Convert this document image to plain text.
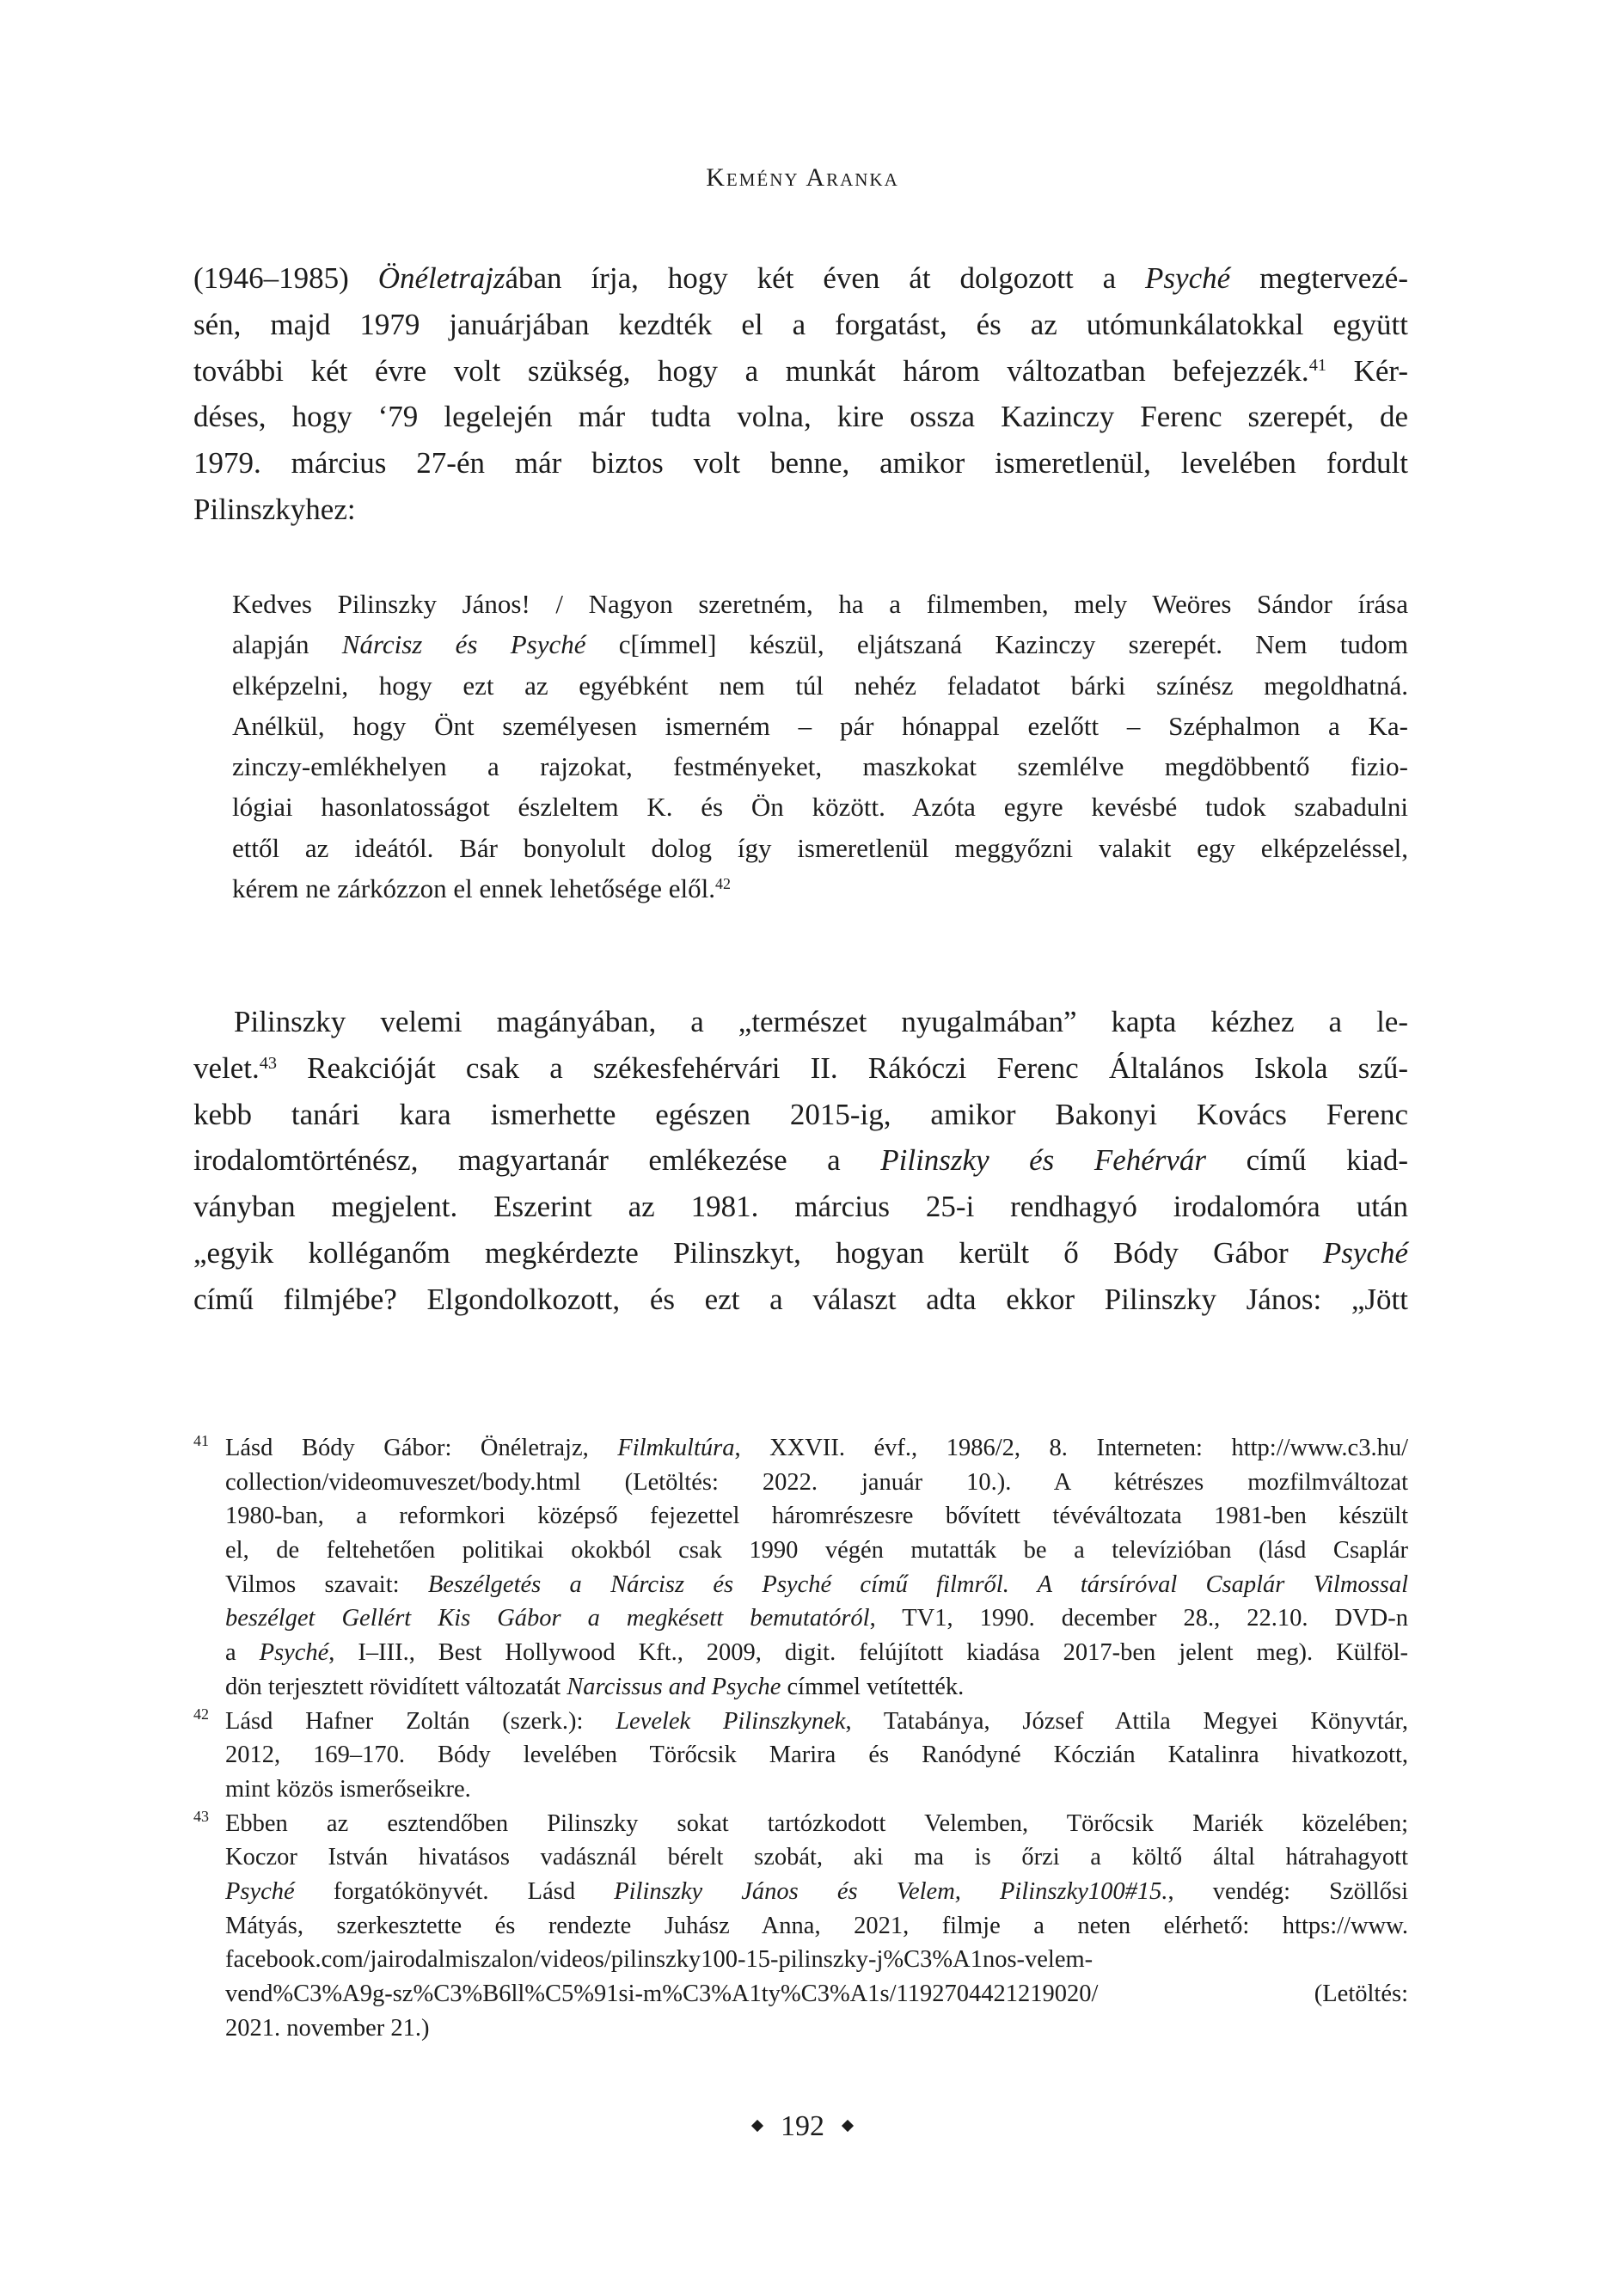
Kemény Aranka
(1946–1985) Önéletrajzában írja, hogy két éven át dolgozott a Psyché megtervezé-
sén, majd 1979 januárjában kezdték el a forgatást, és az utómunkálatokkal együtt
további két évre volt szükség, hogy a munkát három változatban befejezzék.$^{41}$ Kér-
déses, hogy ‘79 legelején már tudta volna, kire ossza Kazinczy Ferenc szerepét, de
1979. március 27-én már biztos volt benne, amikor ismeretlenül, levelében fordult
Pilinszkyhez:
Kedves Pilinszky János! / Nagyon szeretném, ha a filmemben, mely Weöres Sándor írása
alapján Nárcisz és Psyché c[ímmel] készül, eljátszaná Kazinczy szerepét. Nem tudom
elképzelni, hogy ezt az egyébként nem túl nehéz feladatot bárki színész megoldhatná.
Anélkül, hogy Önt személyesen ismerném – pár hónappal ezelőtt – Széphalmon a Ka-
zinczy-emlékhelyen a rajzokat, festményeket, maszkokat szemlélve megdöbbentő fizio-
lógiai hasonlatosságot észleltem K. és Ön között. Azóta egyre kevésbé tudok szabadulni
ettől az ideától. Bár bonyolult dolog így ismeretlenül meggyőzni valakit egy elképzeléssel,
kérem ne zárkózzon el ennek lehetősége elől.$^{42}$
Pilinszky velemi magányában, a „természet nyugalmában” kapta kézhez a le-
velet.$^{43}$ Reakcióját csak a székesfehérvári II. Rákóczi Ferenc Általános Iskola szű-
kebb tanári kara ismerhette egészen 2015-ig, amikor Bakonyi Kovács Ferenc
irodalomtörténész, magyartanár emlékezése a Pilinszky és Fehérvár című kiad-
ványban megjelent. Eszerint az 1981. március 25-i rendhagyó irodalomóra után
„egyik kolléganőm megkérdezte Pilinszkyt, hogyan került ő Bódy Gábor Psyché
című filmjébe? Elgondolkozott, és ezt a választ adta ekkor Pilinszky János: „Jött
41 Lásd Bódy Gábor: Önéletrajz, Filmkultúra, XXVII. évf., 1986/2, 8. Interneten: http://www.c3.hu/
collection/videomuveszet/body.html (Letöltés: 2022. január 10.). A kétrészes mozfilmváltozat
1980-ban, a reformkori középső fejezettel háromrészesre bővített tévéváltozata 1981-ben készült
el, de feltehetően politikai okokból csak 1990 végén mutatták be a televízióban (lásd Csaplár
Vilmos szavait: Beszélgetés a Nárcisz és Psyché című filmről. A társíróval Csaplár Vilmossal
beszélget Gellért Kis Gábor a megkésett bemutatóról, TV1, 1990. december 28., 22.10. DVD-n
a Psyché, I–III., Best Hollywood Kft., 2009, digit. felújított kiadása 2017-ben jelent meg). Külföl-
dön terjesztett rövidített változatát Narcissus and Psyche címmel vetítették.
42 Lásd Hafner Zoltán (szerk.): Levelek Pilinszkynek, Tatabánya, József Attila Megyei Könyvtár,
2012, 169–170. Bódy levelében Törőcsik Marira és Ranódyné Kóczián Katalinra hivatkozott,
mint közös ismerőseikre.
43 Ebben az esztendőben Pilinszky sokat tartózkodott Velemben, Törőcsik Mariék közelében;
Koczor István hivatásos vadásznál bérelt szobát, aki ma is őrzi a költő által hátrahagyott
Psyché forgatókönyvét. Lásd Pilinszky János és Velem, Pilinszky100#15., vendég: Szöllősi
Mátyás, szerkesztette és rendezte Juhász Anna, 2021, filmje a neten elérhető: https://www.
facebook.com/jairodalmiszalon/videos/pilinszky100-15-pilinszky-j%C3%A1nos-velem-
vend%C3%A9g-sz%C3%B6ll%C5%91si-m%C3%A1ty%C3%A1s/1192704421219020/ (Letöltés:
2021. november 21.)
192
